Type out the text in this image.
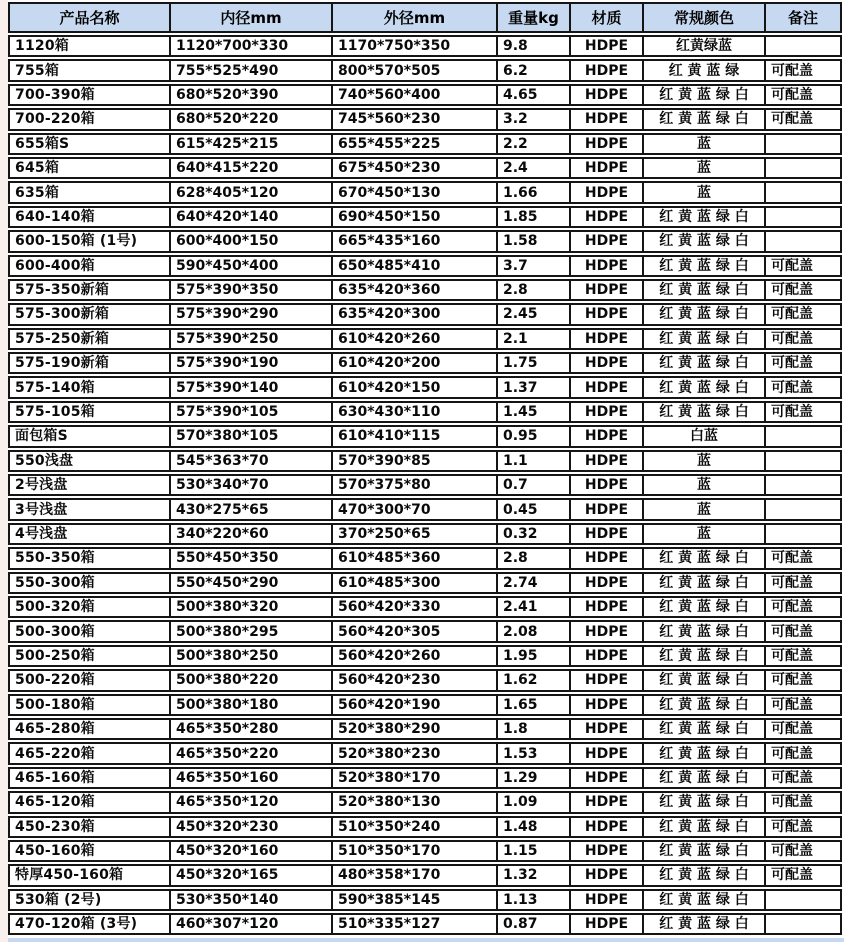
产品名称	内径mm	外径mm	重量kg	材质	常规颜色	备注
1120箱	1120*700*330	1170*750*350	9.8	HDPE	红黄绿蓝	
755箱	755*525*490	800*570*505	6.2	HDPE	红 黄 蓝 绿	可配盖
700-390箱	680*520*390	740*560*400	4.65	HDPE	红 黄 蓝 绿 白	可配盖
700-220箱	680*520*220	745*560*230	3.2	HDPE	红 黄 蓝 绿 白	可配盖
655箱S	615*425*215	655*455*225	2.2	HDPE	蓝	
645箱	640*415*220	675*450*230	2.4	HDPE	蓝	
635箱	628*405*120	670*450*130	1.66	HDPE	蓝	
640-140箱	640*420*140	690*450*150	1.85	HDPE	红 黄 蓝 绿 白	
600-150箱 (1号)	600*400*150	665*435*160	1.58	HDPE	红 黄 蓝 绿 白	
600-400箱	590*450*400	650*485*410	3.7	HDPE	红 黄 蓝 绿 白	可配盖
575-350新箱	575*390*350	635*420*360	2.8	HDPE	红 黄 蓝 绿 白	可配盖
575-300新箱	575*390*290	635*420*300	2.45	HDPE	红 黄 蓝 绿 白	可配盖
575-250新箱	575*390*250	610*420*260	2.1	HDPE	红 黄 蓝 绿 白	可配盖
575-190新箱	575*390*190	610*420*200	1.75	HDPE	红 黄 蓝 绿 白	可配盖
575-140箱	575*390*140	610*420*150	1.37	HDPE	红 黄 蓝 绿 白	可配盖
575-105箱	575*390*105	630*430*110	1.45	HDPE	红 黄 蓝 绿 白	可配盖
面包箱S	570*380*105	610*410*115	0.95	HDPE	白蓝	
550浅盘	545*363*70	570*390*85	1.1	HDPE	蓝	
2号浅盘	530*340*70	570*375*80	0.7	HDPE	蓝	
3号浅盘	430*275*65	470*300*70	0.45	HDPE	蓝	
4号浅盘	340*220*60	370*250*65	0.32	HDPE	蓝	
550-350箱	550*450*350	610*485*360	2.8	HDPE	红 黄 蓝 绿 白	可配盖
550-300箱	550*450*290	610*485*300	2.74	HDPE	红 黄 蓝 绿 白	可配盖
500-320箱	500*380*320	560*420*330	2.41	HDPE	红 黄 蓝 绿 白	可配盖
500-300箱	500*380*295	560*420*305	2.08	HDPE	红 黄 蓝 绿 白	可配盖
500-250箱	500*380*250	560*420*260	1.95	HDPE	红 黄 蓝 绿 白	可配盖
500-220箱	500*380*220	560*420*230	1.62	HDPE	红 黄 蓝 绿 白	可配盖
500-180箱	500*380*180	560*420*190	1.65	HDPE	红 黄 蓝 绿 白	可配盖
465-280箱	465*350*280	520*380*290	1.8	HDPE	红 黄 蓝 绿 白	可配盖
465-220箱	465*350*220	520*380*230	1.53	HDPE	红 黄 蓝 绿 白	可配盖
465-160箱	465*350*160	520*380*170	1.29	HDPE	红 黄 蓝 绿 白	可配盖
465-120箱	465*350*120	520*380*130	1.09	HDPE	红 黄 蓝 绿 白	可配盖
450-230箱	450*320*230	510*350*240	1.48	HDPE	红 黄 蓝 绿 白	可配盖
450-160箱	450*320*160	510*350*170	1.15	HDPE	红 黄 蓝 绿 白	可配盖
特厚450-160箱	450*320*165	480*358*170	1.32	HDPE	红 黄 蓝 绿 白	可配盖
530箱 (2号)	530*350*140	590*385*145	1.13	HDPE	红 黄 蓝 绿 白	
470-120箱 (3号)	460*307*120	510*335*127	0.87	HDPE	红 黄 蓝 绿 白	
